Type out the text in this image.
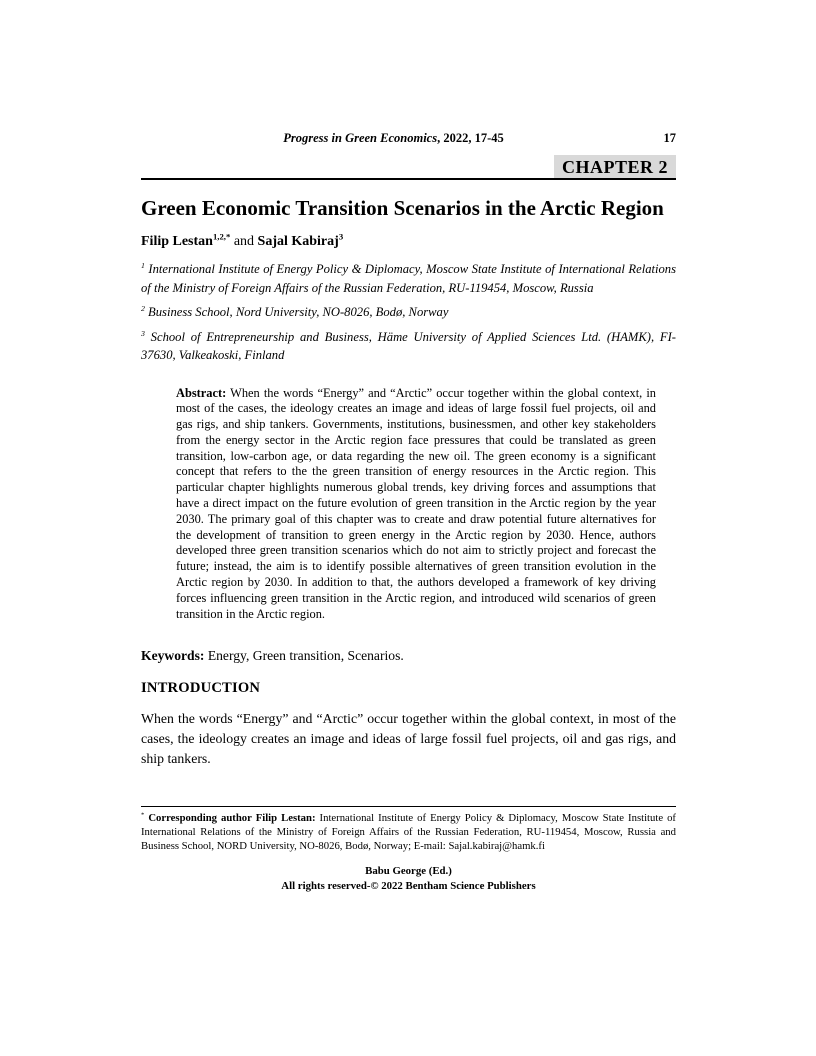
Progress in Green Economics, 2022, 17-45	17
CHAPTER 2
Green Economic Transition Scenarios in the Arctic Region
Filip Lestan$^{1,2,*}$ and Sajal Kabiraj$^3$

$^1$ International Institute of Energy Policy & Diplomacy, Moscow State Institute of International Relations of the Ministry of Foreign Affairs of the Russian Federation, RU-119454, Moscow, Russia

$^2$ Business School, Nord University, NO-8026, Bodø, Norway

$^3$ School of Entrepreneurship and Business, Häme University of Applied Sciences Ltd. (HAMK), FI-37630, Valkeakoski, Finland

Abstract: When the words “Energy” and “Arctic” occur together within the global context, in most of the cases, the ideology creates an image and ideas of large fossil fuel projects, oil and gas rigs, and ship tankers. Governments, institutions, businessmen, and other key stakeholders from the energy sector in the Arctic region face pressures that could be translated as green transition, low-carbon age, or data regarding the new oil. The green economy is a significant concept that refers to the the green transition of energy resources in the Arctic region. This particular chapter highlights numerous global trends, key driving forces and assumptions that have a direct impact on the future evolution of green transition in the Arctic region by the year 2030. The primary goal of this chapter was to create and draw potential future alternatives for the development of transition to green energy in the Arctic region by 2030. Hence, authors developed three green transition scenarios which do not aim to strictly project and forecast the future; instead, the aim is to identify possible alternatives of green transition evolution in the Arctic region by 2030. In addition to that, the authors developed a framework of key driving forces influencing green transition in the Arctic region, and introduced wild scenarios of green transition in the Arctic region.
Keywords: Energy, Green transition, Scenarios.
INTRODUCTION

When the words “Energy” and “Arctic” occur together within the global context, in most of the cases, the ideology creates an image and ideas of large fossil fuel projects, oil and gas rigs, and ship tankers.

* Corresponding author Filip Lestan: International Institute of Energy Policy & Diplomacy, Moscow State Institute of International Relations of the Ministry of Foreign Affairs of the Russian Federation, RU-119454, Moscow, Russia and Business School, NORD University, NO-8026, Bodø, Norway; E-mail: Sajal.kabiraj@hamk.fi
Babu George (Ed.)
All rights reserved-© 2022 Bentham Science Publishers
